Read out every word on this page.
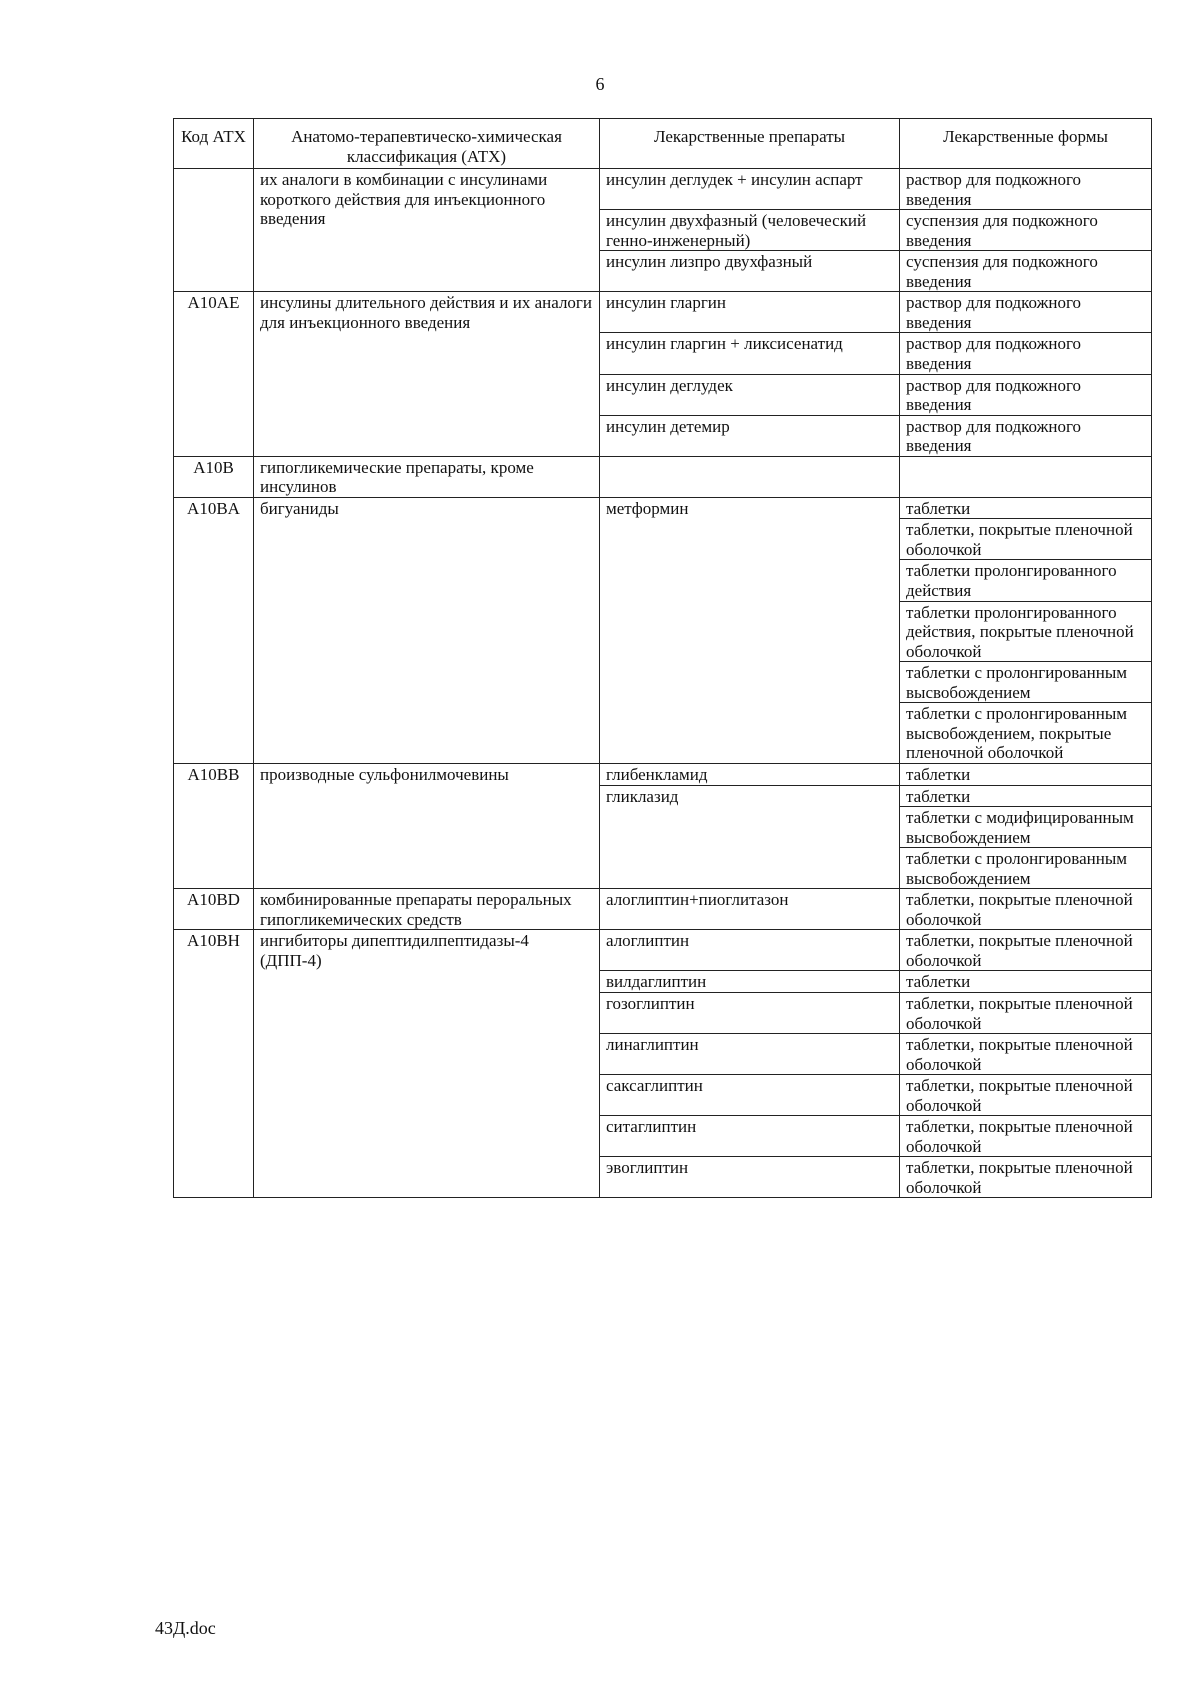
6
Код АТХ	Анатомо-терапевтическо-химическая классификация (АТХ)	Лекарственные препараты	Лекарственные формы
	их аналоги в комбинации с инсулинами короткого действия для инъекционного введения	инсулин деглудек + инсулин аспарт	раствор для подкожного введения
		инсулин двухфазный (человеческий генно-инженерный)	суспензия для подкожного введения
		инсулин лизпро двухфазный	суспензия для подкожного введения
A10AE	инсулины длительного действия и их аналоги для инъекционного введения	инсулин гларгин	раствор для подкожного введения
		инсулин гларгин + ликсисенатид	раствор для подкожного введения
		инсулин деглудек	раствор для подкожного введения
		инсулин детемир	раствор для подкожного введения
A10B	гипогликемические препараты, кроме инсулинов		
A10BA	бигуаниды	метформин	таблетки
			таблетки, покрытые пленочной оболочкой
			таблетки пролонгированного действия
			таблетки пролонгированного действия, покрытые пленочной оболочкой
			таблетки с пролонгированным высвобождением
			таблетки с пролонгированным высвобождением, покрытые пленочной оболочкой
A10BB	производные сульфонилмочевины	глибенкламид	таблетки
		гликлазид	таблетки
			таблетки с модифицированным высвобождением
			таблетки с пролонгированным высвобождением
A10BD	комбинированные препараты пероральных гипогликемических средств	алоглиптин+пиоглитазон	таблетки, покрытые пленочной оболочкой
A10BH	ингибиторы дипептидилпептидазы-4 (ДПП-4)	алоглиптин	таблетки, покрытые пленочной оболочкой
		вилдаглиптин	таблетки
		гозоглиптин	таблетки, покрытые пленочной оболочкой
		линаглиптин	таблетки, покрытые пленочной оболочкой
		саксаглиптин	таблетки, покрытые пленочной оболочкой
		ситаглиптин	таблетки, покрытые пленочной оболочкой
		эвоглиптин	таблетки, покрытые пленочной оболочкой
43Д.doc
